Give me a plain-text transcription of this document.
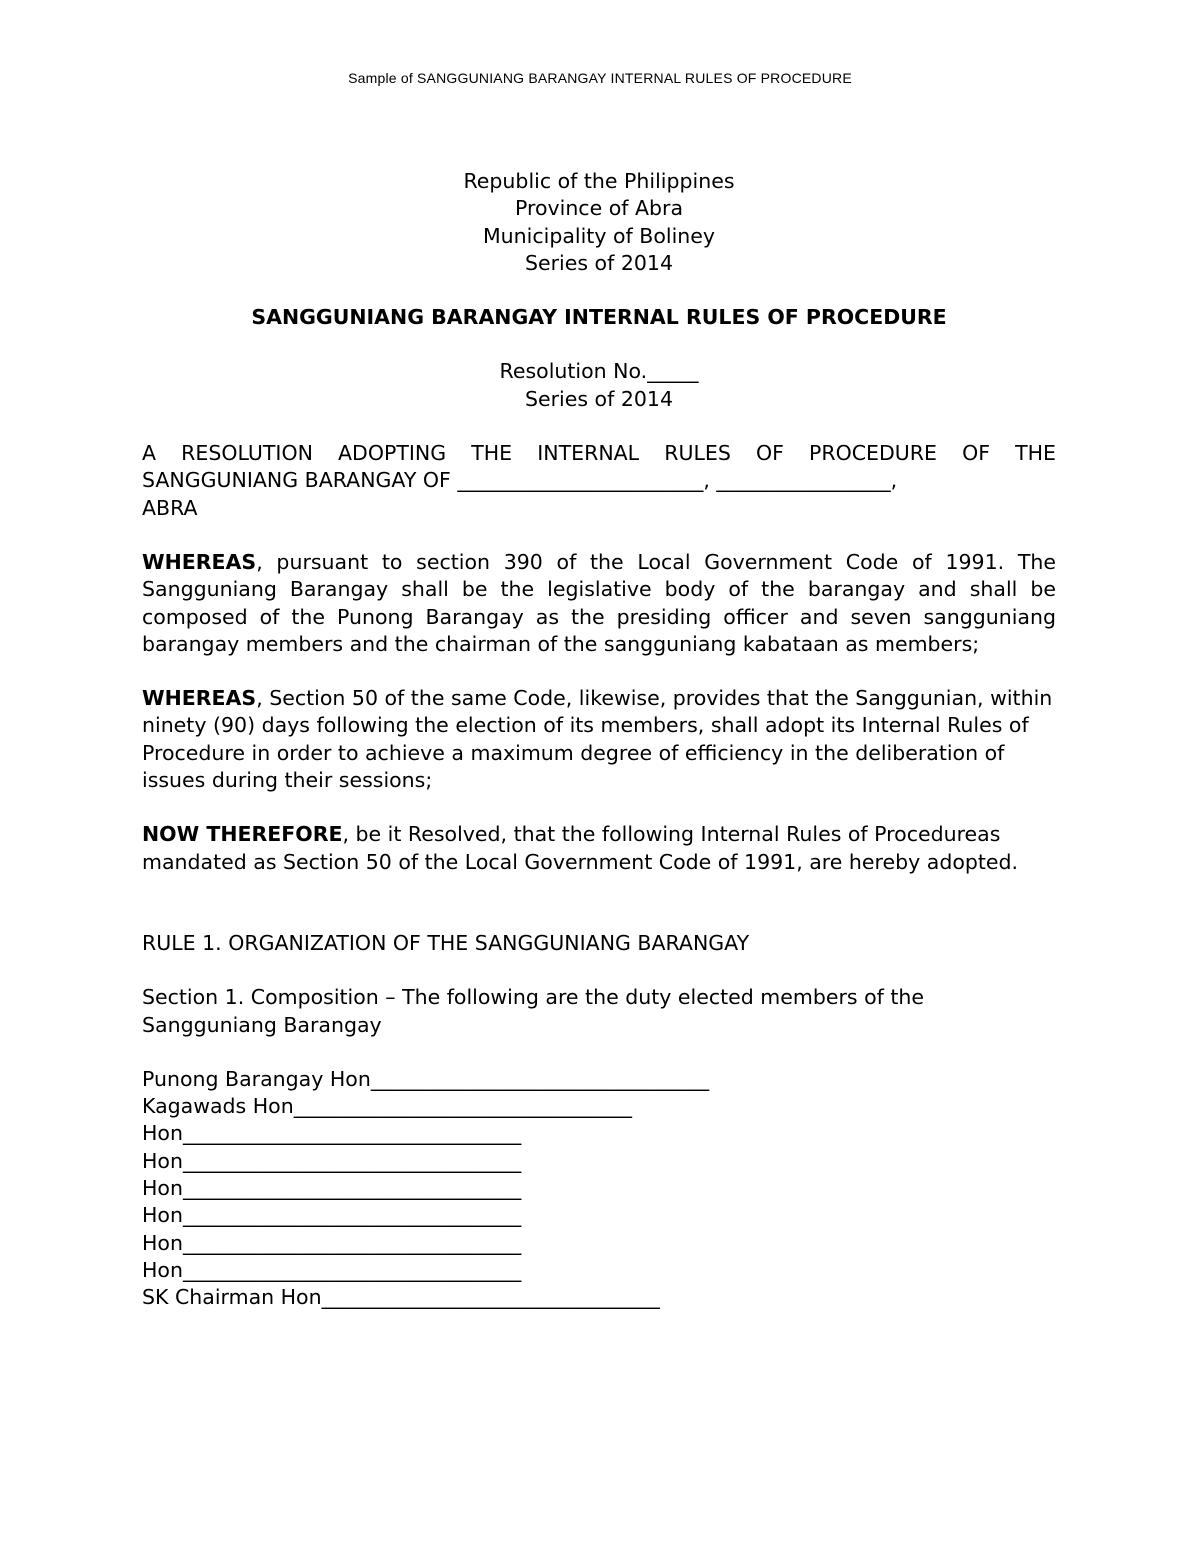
Sample of SANGGUNIANG BARANGAY INTERNAL RULES OF PROCEDURE
Republic of the Philippines
Province of Abra
Municipality of Boliney
Series of 2014
SANGGUNIANG BARANGAY INTERNAL RULES OF PROCEDURE
Resolution No._____
Series of 2014
A RESOLUTION ADOPTING THE INTERNAL RULES OF PROCEDURE OF THE
SANGGUNIANG BARANGAY OF ________________________, _________________,
ABRA
WHEREAS, pursuant to section 390 of the Local Government Code of 1991. The Sangguniang Barangay shall be the legislative body of the barangay and shall be composed of the Punong Barangay as the presiding officer and seven sangguniang barangay members and the chairman of the sangguniang kabataan as members;
WHEREAS, Section 50 of the same Code, likewise, provides that the Sanggunian, within ninety (90) days following the election of its members, shall adopt its Internal Rules of Procedure in order to achieve a maximum degree of efficiency in the deliberation of issues during their sessions;
NOW THEREFORE, be it Resolved, that the following Internal Rules of Procedureas mandated as Section 50 of the Local Government Code of 1991, are hereby adopted.
RULE 1. ORGANIZATION OF THE SANGGUNIANG BARANGAY
Section 1. Composition – The following are the duty elected members of the Sangguniang Barangay
Punong Barangay Hon_________________________________
Kagawads Hon_________________________________
Hon_________________________________
Hon_________________________________
Hon_________________________________
Hon_________________________________
Hon_________________________________
Hon_________________________________
SK Chairman Hon_________________________________
